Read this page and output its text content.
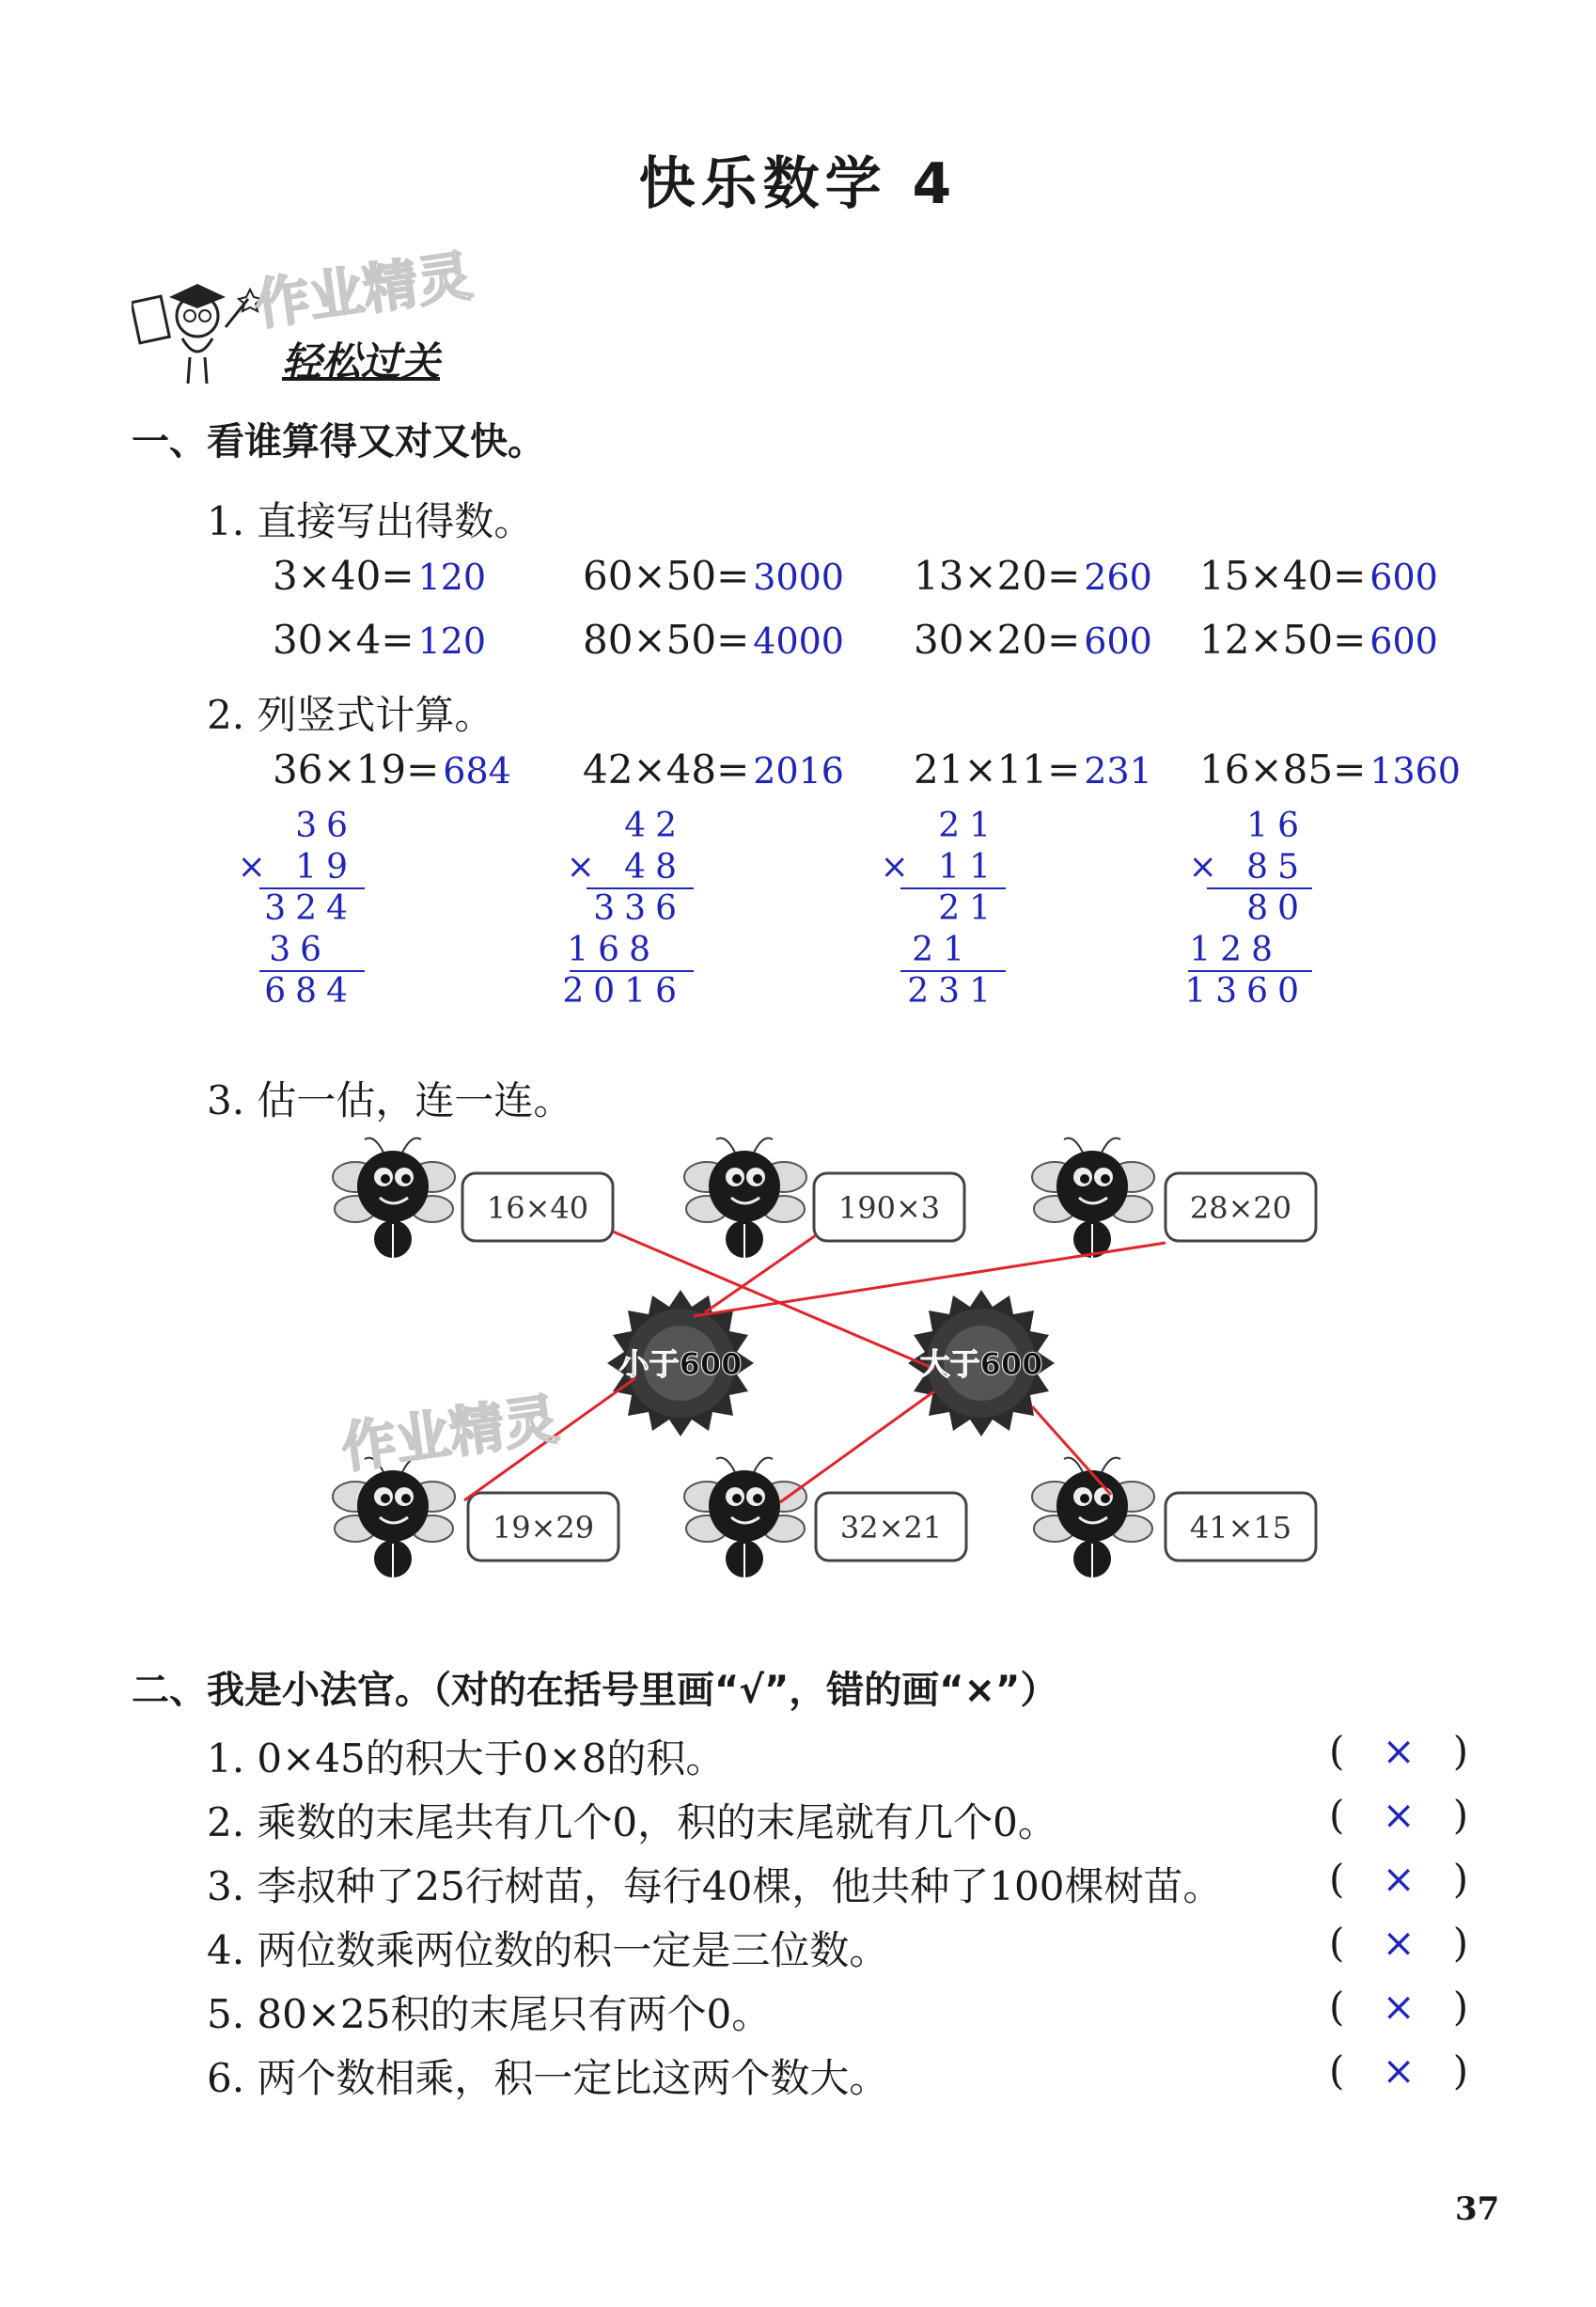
快乐数学 4
作业精灵
轻松过关
一、看谁算得又对又快。
1. 直接写出得数。
3×40= 120 60×50= 3000 13×20= 260 15×40= 600
30×4= 120 80×50= 4000 30×20= 600 12×50= 600
2. 列竖式计算。
36×19= 684 42×48= 2016 21×11= 231 16×85= 1360
36
× 19
324
36
684
42
× 48
336
168
2016
21
× 11
21
21
231
16
× 85
80
128
1360
3. 估一估，连一连。
16×40	190×3	28×20
19×29	32×21	41×15
小于600	大于600
作业精灵
二、我是小法官。（对的在括号里画“√”，错的画“×”）
1. 0×45的积大于0×8的积。	(   ×   )
2. 乘数的末尾共有几个0，积的末尾就有几个0。	(   ×   )
3. 李叔种了25行树苗，每行40棵，他共种了100棵树苗。	(   ×   )
4. 两位数乘两位数的积一定是三位数。	(   ×   )
5. 80×25积的末尾只有两个0。	(   ×   )
6. 两个数相乘，积一定比这两个数大。	(   ×   )
37
